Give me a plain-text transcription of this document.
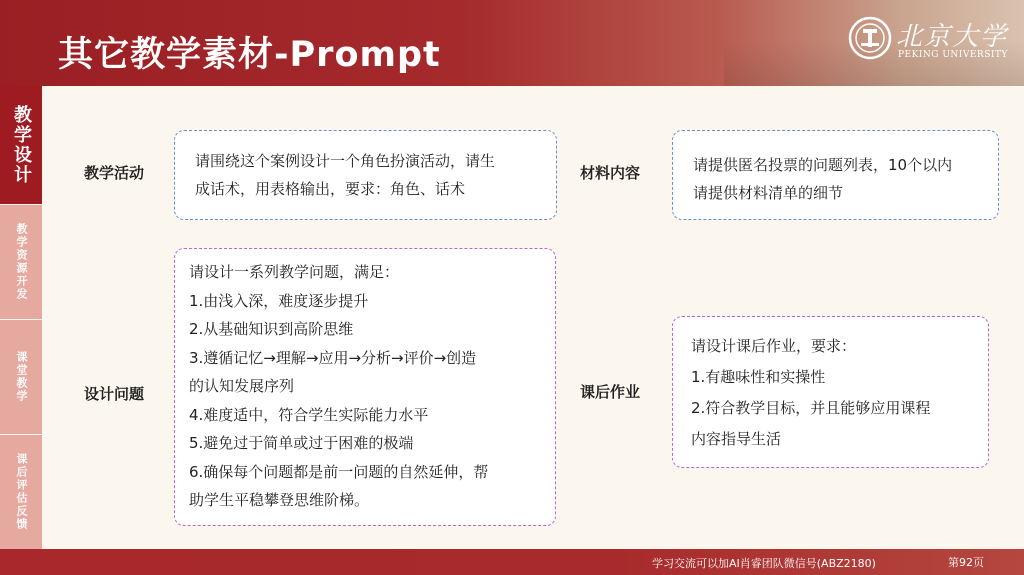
其它教学素材-Prompt	北京大学
PEKING UNIVERSITY
教学设计
教学资源开发
课堂教学
课后评估反馈
教学活动
请围绕这个案例设计一个角色扮演活动，请生
成话术，用表格输出，要求：角色、话术
材料内容	请提供匿名投票的问题列表，10个以内
请提供材料清单的细节
设计问题
请设计一系列教学问题，满足：
1.由浅入深，难度逐步提升
2.从基础知识到高阶思维
3.遵循记忆→理解→应用→分析→评价→创造
的认知发展序列
4.难度适中，符合学生实际能力水平
5.避免过于简单或过于困难的极端
6.确保每个问题都是前一问题的自然延伸，帮
助学生平稳攀登思维阶梯。
课后作业
请设计课后作业，要求：
1.有趣味性和实操性
2.符合教学目标，并且能够应用课程
内容指导生活
学习交流可以加AI肖睿团队微信号(ABZ2180)	第92页
